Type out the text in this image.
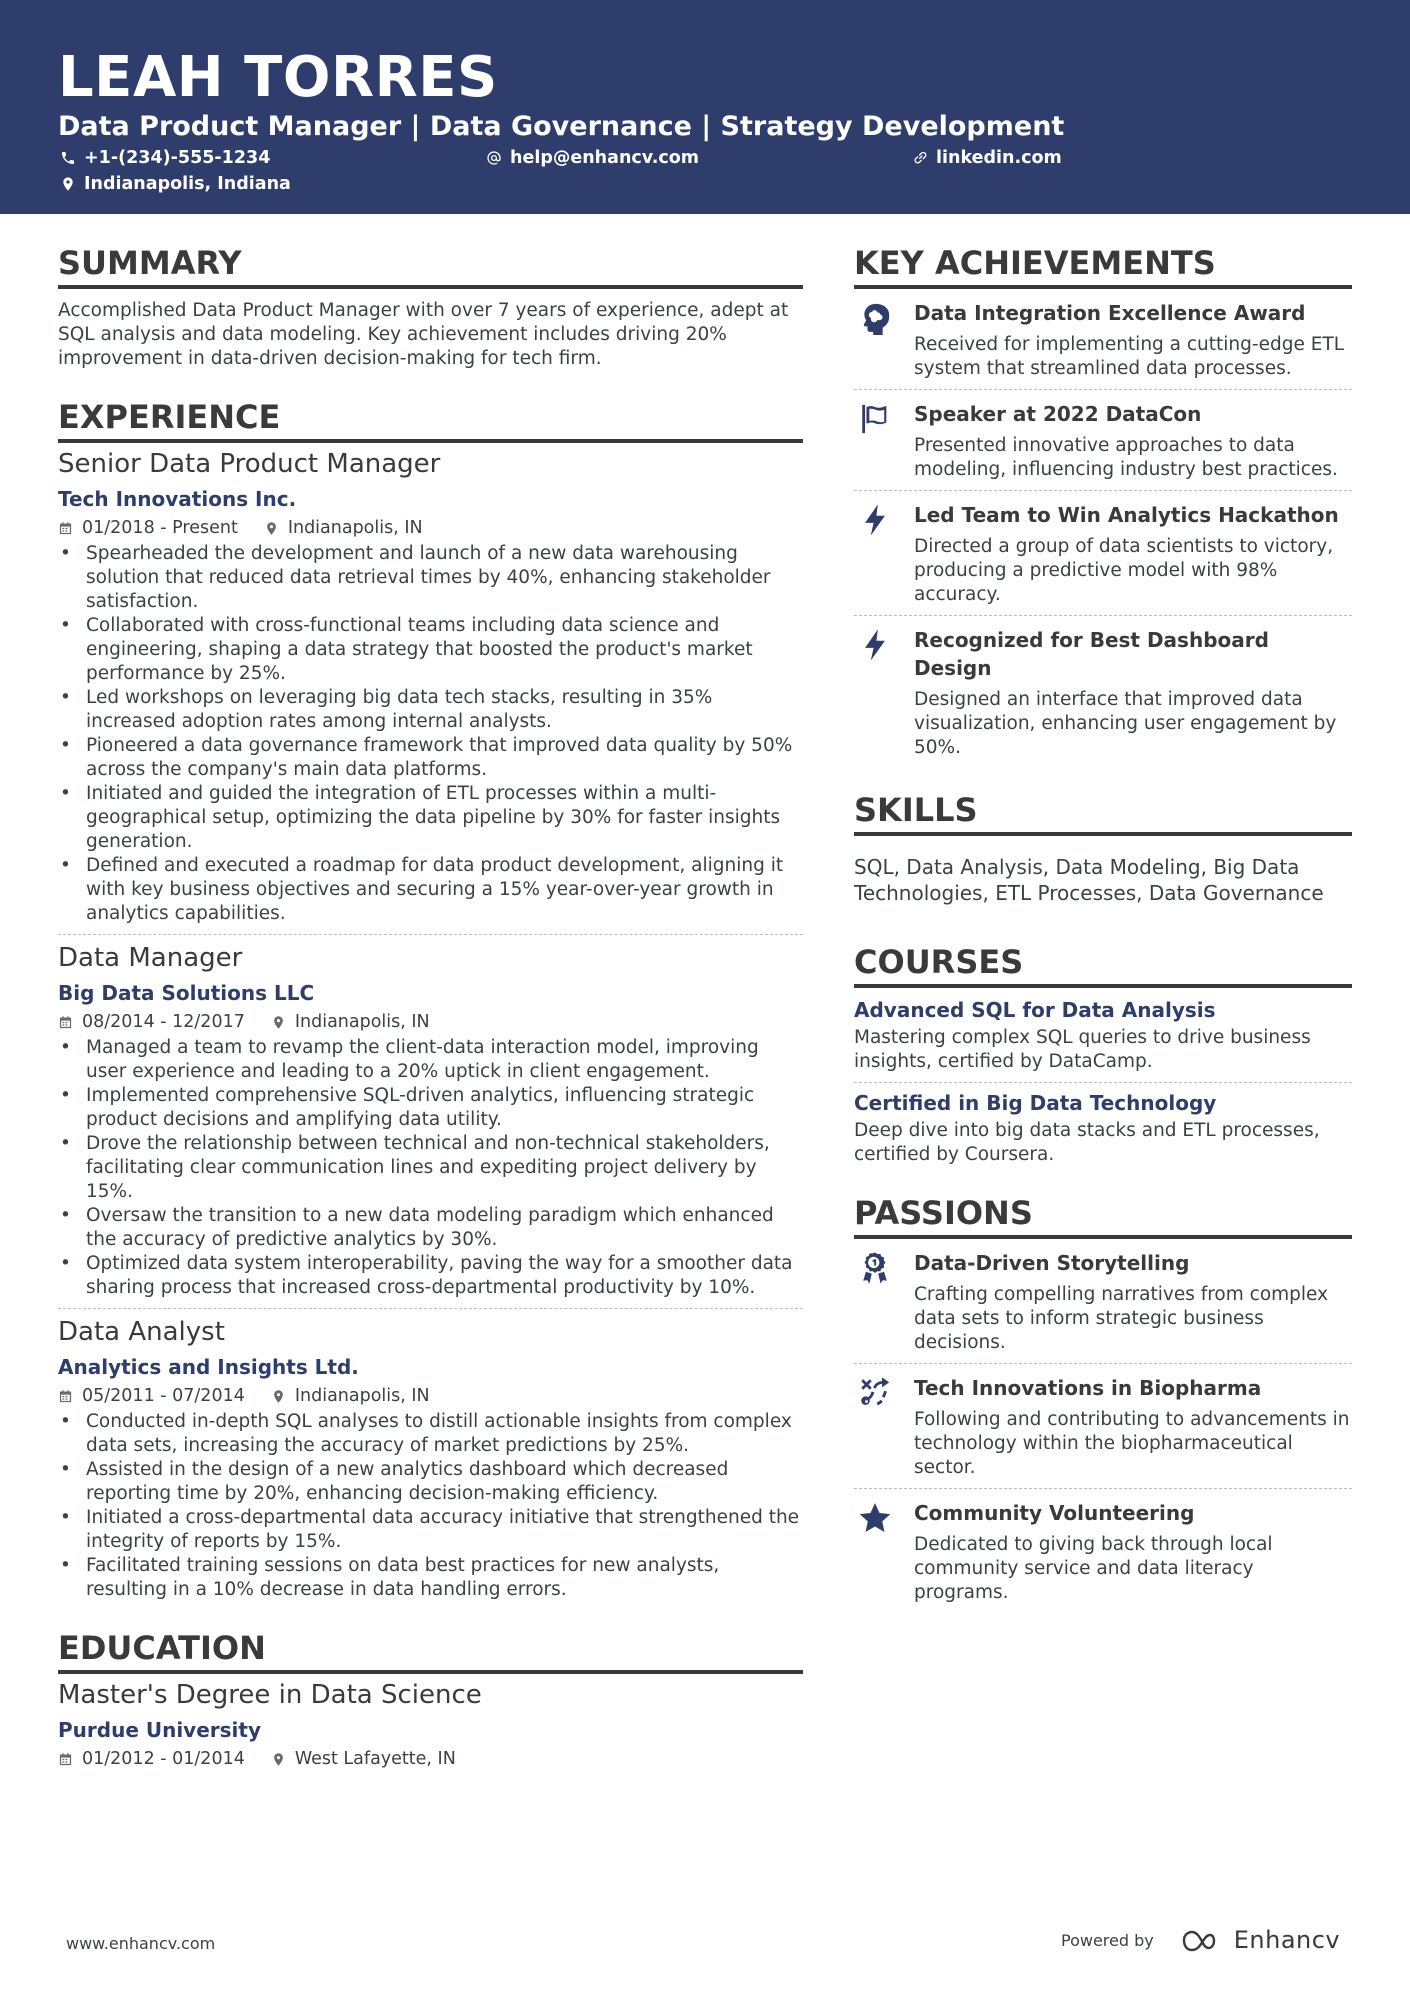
LEAH TORRES
Data Product Manager | Data Governance | Strategy Development
+1-(234)-555-1234	help@enhancv.com	linkedin.com
Indianapolis, Indiana
SUMMARY
Accomplished Data Product Manager with over 7 years of experience, adept at SQL analysis and data modeling. Key achievement includes driving 20% improvement in data-driven decision-making for tech firm.
EXPERIENCE
Senior Data Product Manager
Tech Innovations Inc.
01/2018 - Present	Indianapolis, IN
• Spearheaded the development and launch of a new data warehousing solution that reduced data retrieval times by 40%, enhancing stakeholder satisfaction.
• Collaborated with cross-functional teams including data science and engineering, shaping a data strategy that boosted the product's market performance by 25%.
• Led workshops on leveraging big data tech stacks, resulting in 35% increased adoption rates among internal analysts.
• Pioneered a data governance framework that improved data quality by 50% across the company's main data platforms.
• Initiated and guided the integration of ETL processes within a multi-geographical setup, optimizing the data pipeline by 30% for faster insights generation.
• Defined and executed a roadmap for data product development, aligning it with key business objectives and securing a 15% year-over-year growth in analytics capabilities.
Data Manager
Big Data Solutions LLC
08/2014 - 12/2017	Indianapolis, IN
• Managed a team to revamp the client-data interaction model, improving user experience and leading to a 20% uptick in client engagement.
• Implemented comprehensive SQL-driven analytics, influencing strategic product decisions and amplifying data utility.
• Drove the relationship between technical and non-technical stakeholders, facilitating clear communication lines and expediting project delivery by 15%.
• Oversaw the transition to a new data modeling paradigm which enhanced the accuracy of predictive analytics by 30%.
• Optimized data system interoperability, paving the way for a smoother data sharing process that increased cross-departmental productivity by 10%.
Data Analyst
Analytics and Insights Ltd.
05/2011 - 07/2014	Indianapolis, IN
• Conducted in-depth SQL analyses to distill actionable insights from complex data sets, increasing the accuracy of market predictions by 25%.
• Assisted in the design of a new analytics dashboard which decreased reporting time by 20%, enhancing decision-making efficiency.
• Initiated a cross-departmental data accuracy initiative that strengthened the integrity of reports by 15%.
• Facilitated training sessions on data best practices for new analysts, resulting in a 10% decrease in data handling errors.
EDUCATION
Master's Degree in Data Science
Purdue University
01/2012 - 01/2014	West Lafayette, IN
KEY ACHIEVEMENTS
Data Integration Excellence Award
Received for implementing a cutting-edge ETL system that streamlined data processes.
Speaker at 2022 DataCon
Presented innovative approaches to data modeling, influencing industry best practices.
Led Team to Win Analytics Hackathon
Directed a group of data scientists to victory, producing a predictive model with 98% accuracy.
Recognized for Best Dashboard Design
Designed an interface that improved data visualization, enhancing user engagement by 50%.
SKILLS
SQL, Data Analysis, Data Modeling, Big Data Technologies, ETL Processes, Data Governance
COURSES
Advanced SQL for Data Analysis
Mastering complex SQL queries to drive business insights, certified by DataCamp.
Certified in Big Data Technology
Deep dive into big data stacks and ETL processes, certified by Coursera.
PASSIONS
Data-Driven Storytelling
Crafting compelling narratives from complex data sets to inform strategic business decisions.
Tech Innovations in Biopharma
Following and contributing to advancements in technology within the biopharmaceutical sector.
Community Volunteering
Dedicated to giving back through local community service and data literacy programs.
www.enhancv.com	Powered by	Enhancv
